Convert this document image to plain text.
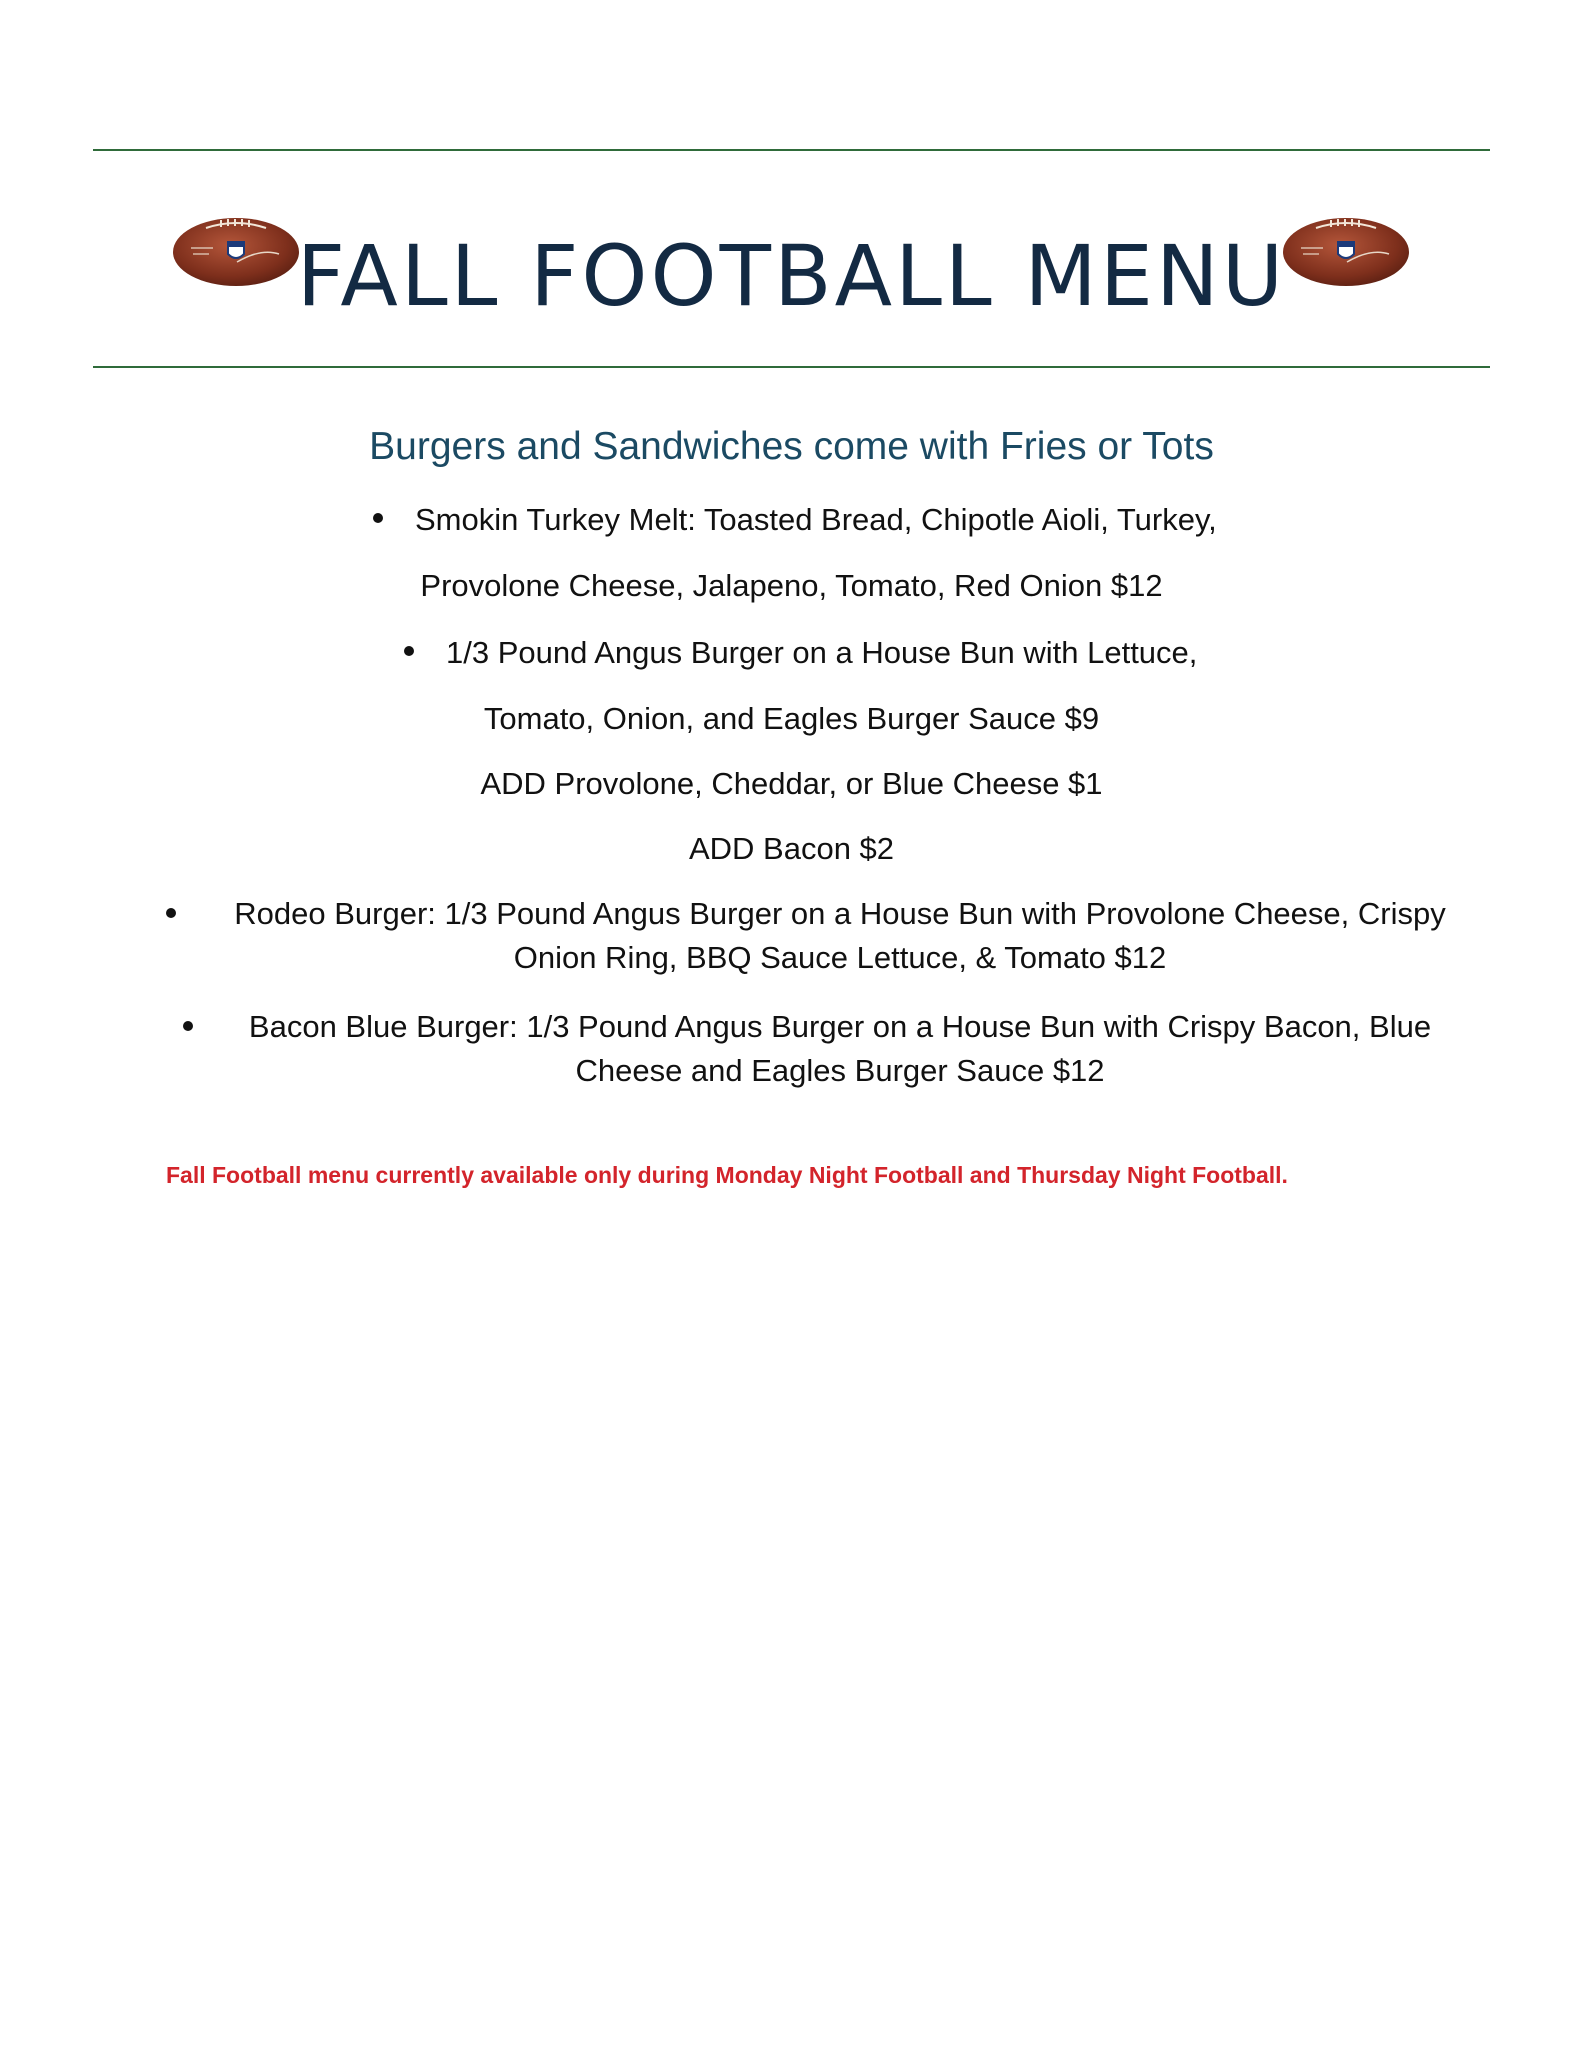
FALL FOOTBALL MENU
Burgers and Sandwiches come with Fries or Tots
Smokin Turkey Melt: Toasted Bread, Chipotle Aioli, Turkey,
Provolone Cheese, Jalapeno, Tomato, Red Onion $12
1/3 Pound Angus Burger on a House Bun with Lettuce,
Tomato, Onion, and Eagles Burger Sauce $9
ADD Provolone, Cheddar, or Blue Cheese $1
ADD Bacon $2
Rodeo Burger: 1/3 Pound Angus Burger on a House Bun with Provolone Cheese, Crispy
Onion Ring, BBQ Sauce Lettuce, & Tomato $12
Bacon Blue Burger: 1/3 Pound Angus Burger on a House Bun with Crispy Bacon, Blue
Cheese and Eagles Burger Sauce $12
Fall Football menu currently available only during Monday Night Football and Thursday Night Football.
